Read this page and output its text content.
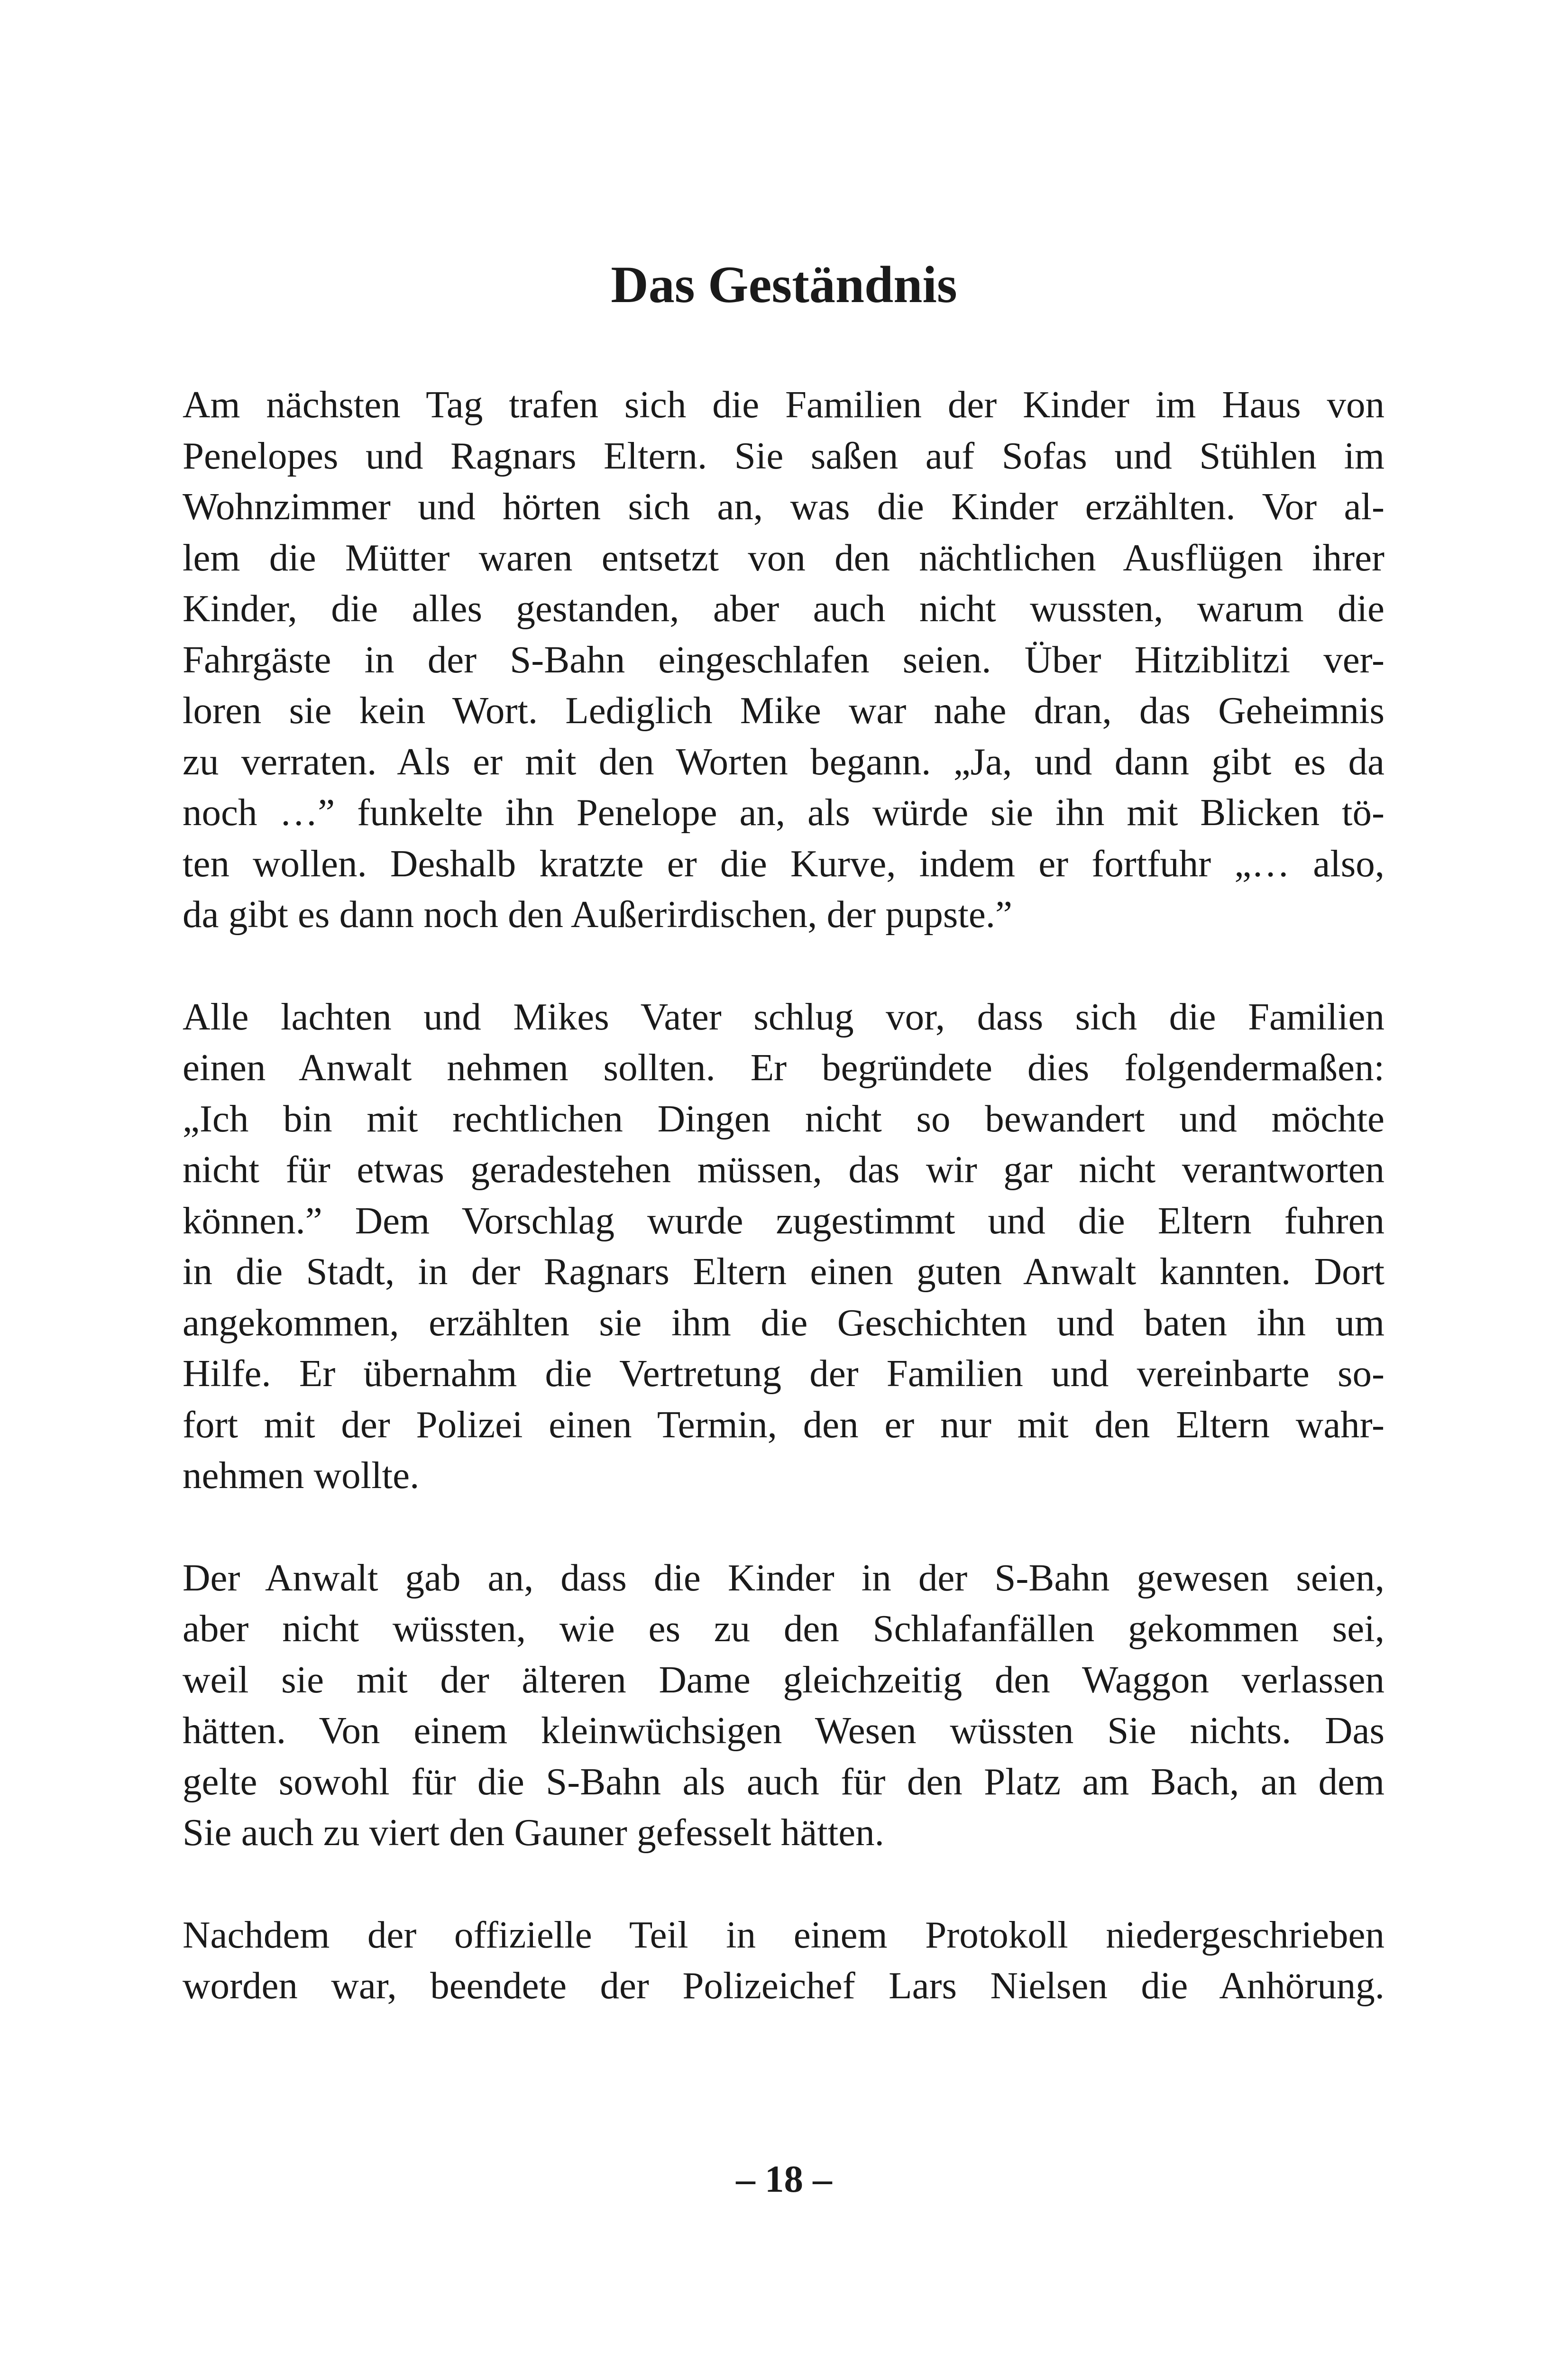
Das Geständnis

Am nächsten Tag trafen sich die Familien der Kinder im Haus von
Penelopes und Ragnars Eltern. Sie saßen auf Sofas und Stühlen im
Wohnzimmer und hörten sich an, was die Kinder erzählten. Vor al-
lem die Mütter waren entsetzt von den nächtlichen Ausflügen ihrer
Kinder, die alles gestanden, aber auch nicht wussten, warum die
Fahrgäste in der S-Bahn eingeschlafen seien. Über Hitziblitzi ver-
loren sie kein Wort. Lediglich Mike war nahe dran, das Geheimnis
zu verraten. Als er mit den Worten begann. „Ja, und dann gibt es da
noch …” funkelte ihn Penelope an, als würde sie ihn mit Blicken tö-
ten wollen. Deshalb kratzte er die Kurve, indem er fortfuhr „… also,
da gibt es dann noch den Außerirdischen, der pupste.”

Alle lachten und Mikes Vater schlug vor, dass sich die Familien
einen Anwalt nehmen sollten. Er begründete dies folgendermaßen:
„Ich bin mit rechtlichen Dingen nicht so bewandert und möchte
nicht für etwas geradestehen müssen, das wir gar nicht verantworten
können.” Dem Vorschlag wurde zugestimmt und die Eltern fuhren
in die Stadt, in der Ragnars Eltern einen guten Anwalt kannten. Dort
angekommen, erzählten sie ihm die Geschichten und baten ihn um
Hilfe. Er übernahm die Vertretung der Familien und vereinbarte so-
fort mit der Polizei einen Termin, den er nur mit den Eltern wahr-
nehmen wollte.

Der Anwalt gab an, dass die Kinder in der S-Bahn gewesen seien,
aber nicht wüssten, wie es zu den Schlafanfällen gekommen sei,
weil sie mit der älteren Dame gleichzeitig den Waggon verlassen
hätten. Von einem kleinwüchsigen Wesen wüssten Sie nichts. Das
gelte sowohl für die S-Bahn als auch für den Platz am Bach, an dem
Sie auch zu viert den Gauner gefesselt hätten.

Nachdem der offizielle Teil in einem Protokoll niedergeschrieben
worden war, beendete der Polizeichef Lars Nielsen die Anhörung.

– 18 –
